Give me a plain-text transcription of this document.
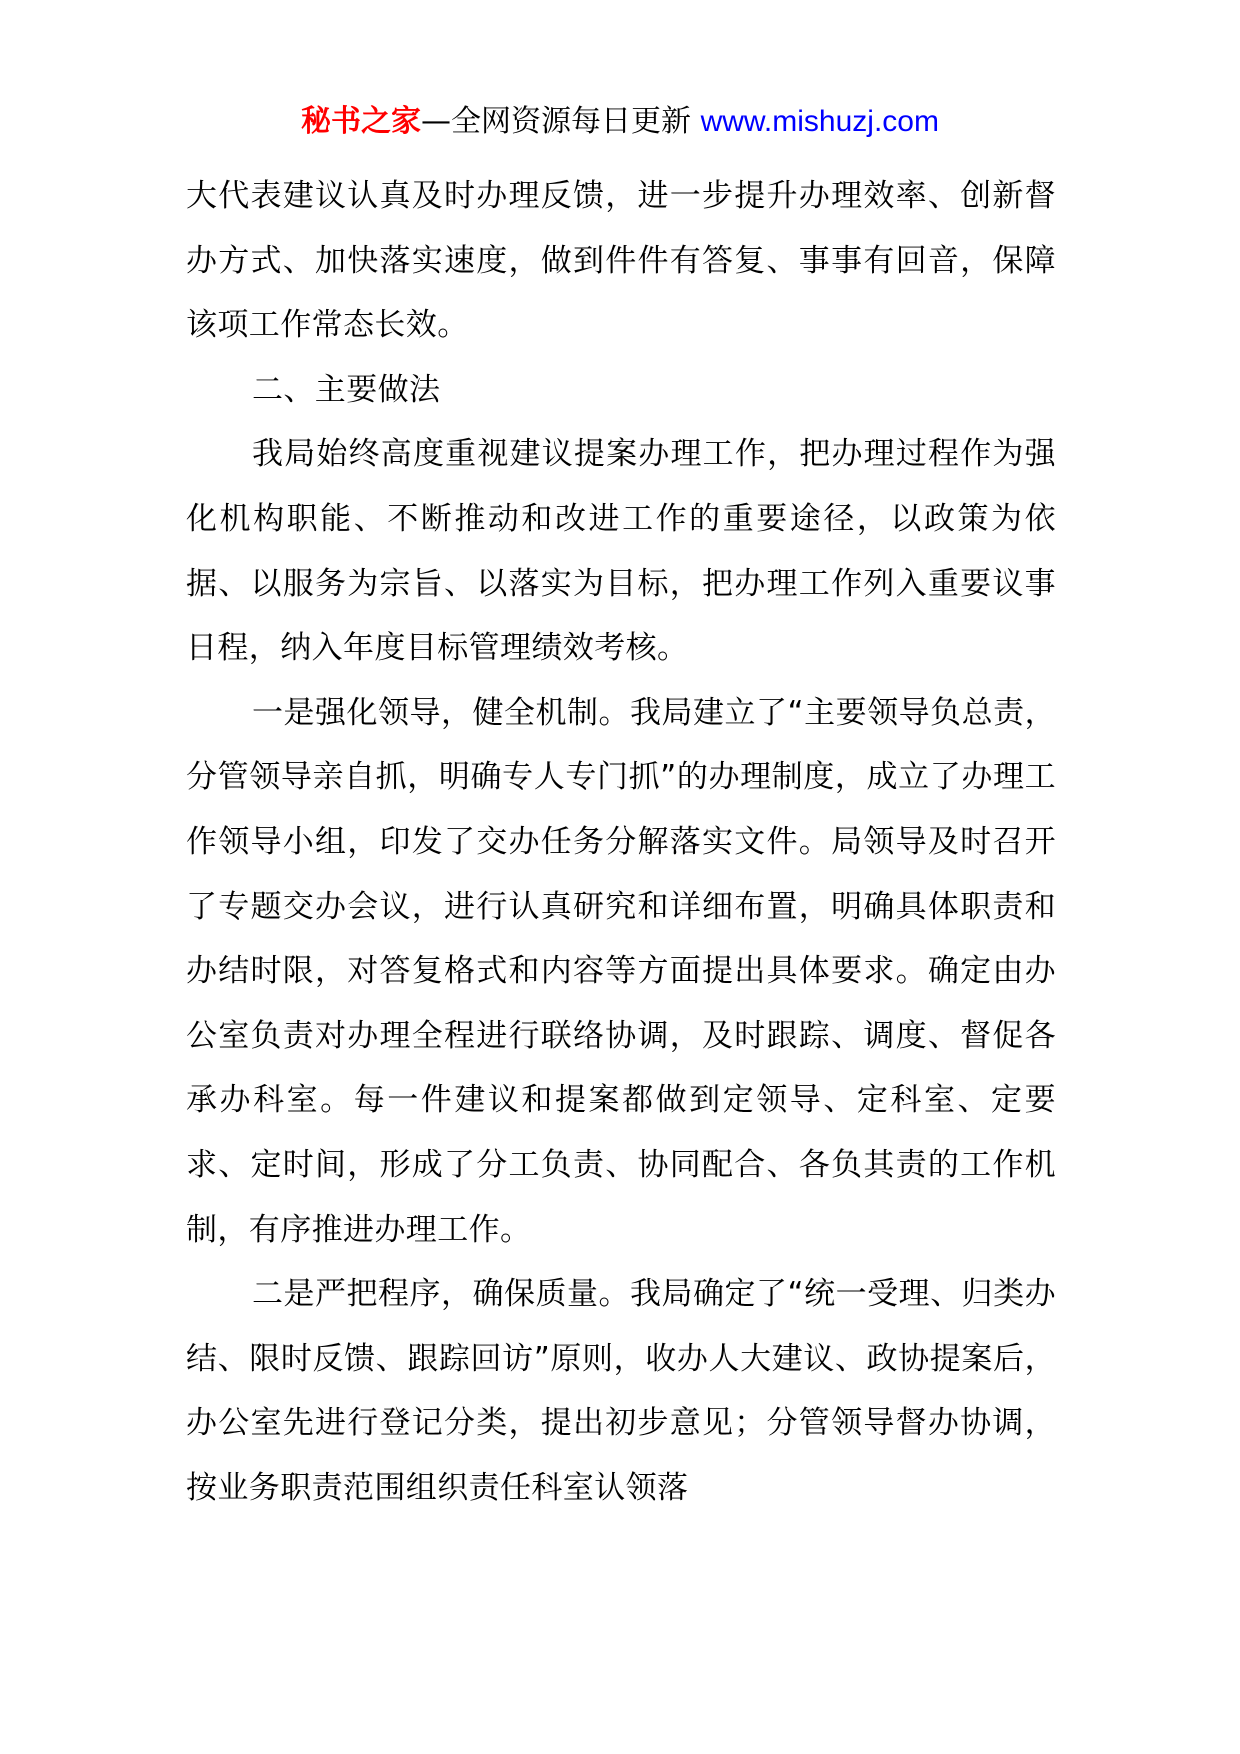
秘书之家—全网资源每日更新 www.mishuzj.com

大代表建议认真及时办理反馈，进一步提升办理效率、创新督办方式、加快落实速度，做到件件有答复、事事有回音，保障该项工作常态长效。

二、主要做法

我局始终高度重视建议提案办理工作，把办理过程作为强化机构职能、不断推动和改进工作的重要途径，以政策为依据、以服务为宗旨、以落实为目标，把办理工作列入重要议事日程，纳入年度目标管理绩效考核。

一是强化领导，健全机制。我局建立了“主要领导负总责，分管领导亲自抓，明确专人专门抓”的办理制度，成立了办理工作领导小组，印发了交办任务分解落实文件。局领导及时召开了专题交办会议，进行认真研究和详细布置，明确具体职责和办结时限，对答复格式和内容等方面提出具体要求。确定由办公室负责对办理全程进行联络协调，及时跟踪、调度、督促各承办科室。每一件建议和提案都做到定领导、定科室、定要求、定时间，形成了分工负责、协同配合、各负其责的工作机制，有序推进办理工作。

二是严把程序，确保质量。我局确定了“统一受理、归类办结、限时反馈、跟踪回访”原则，收办人大建议、政协提案后，办公室先进行登记分类，提出初步意见；分管领导督办协调，按业务职责范围组织责任科室认领落
